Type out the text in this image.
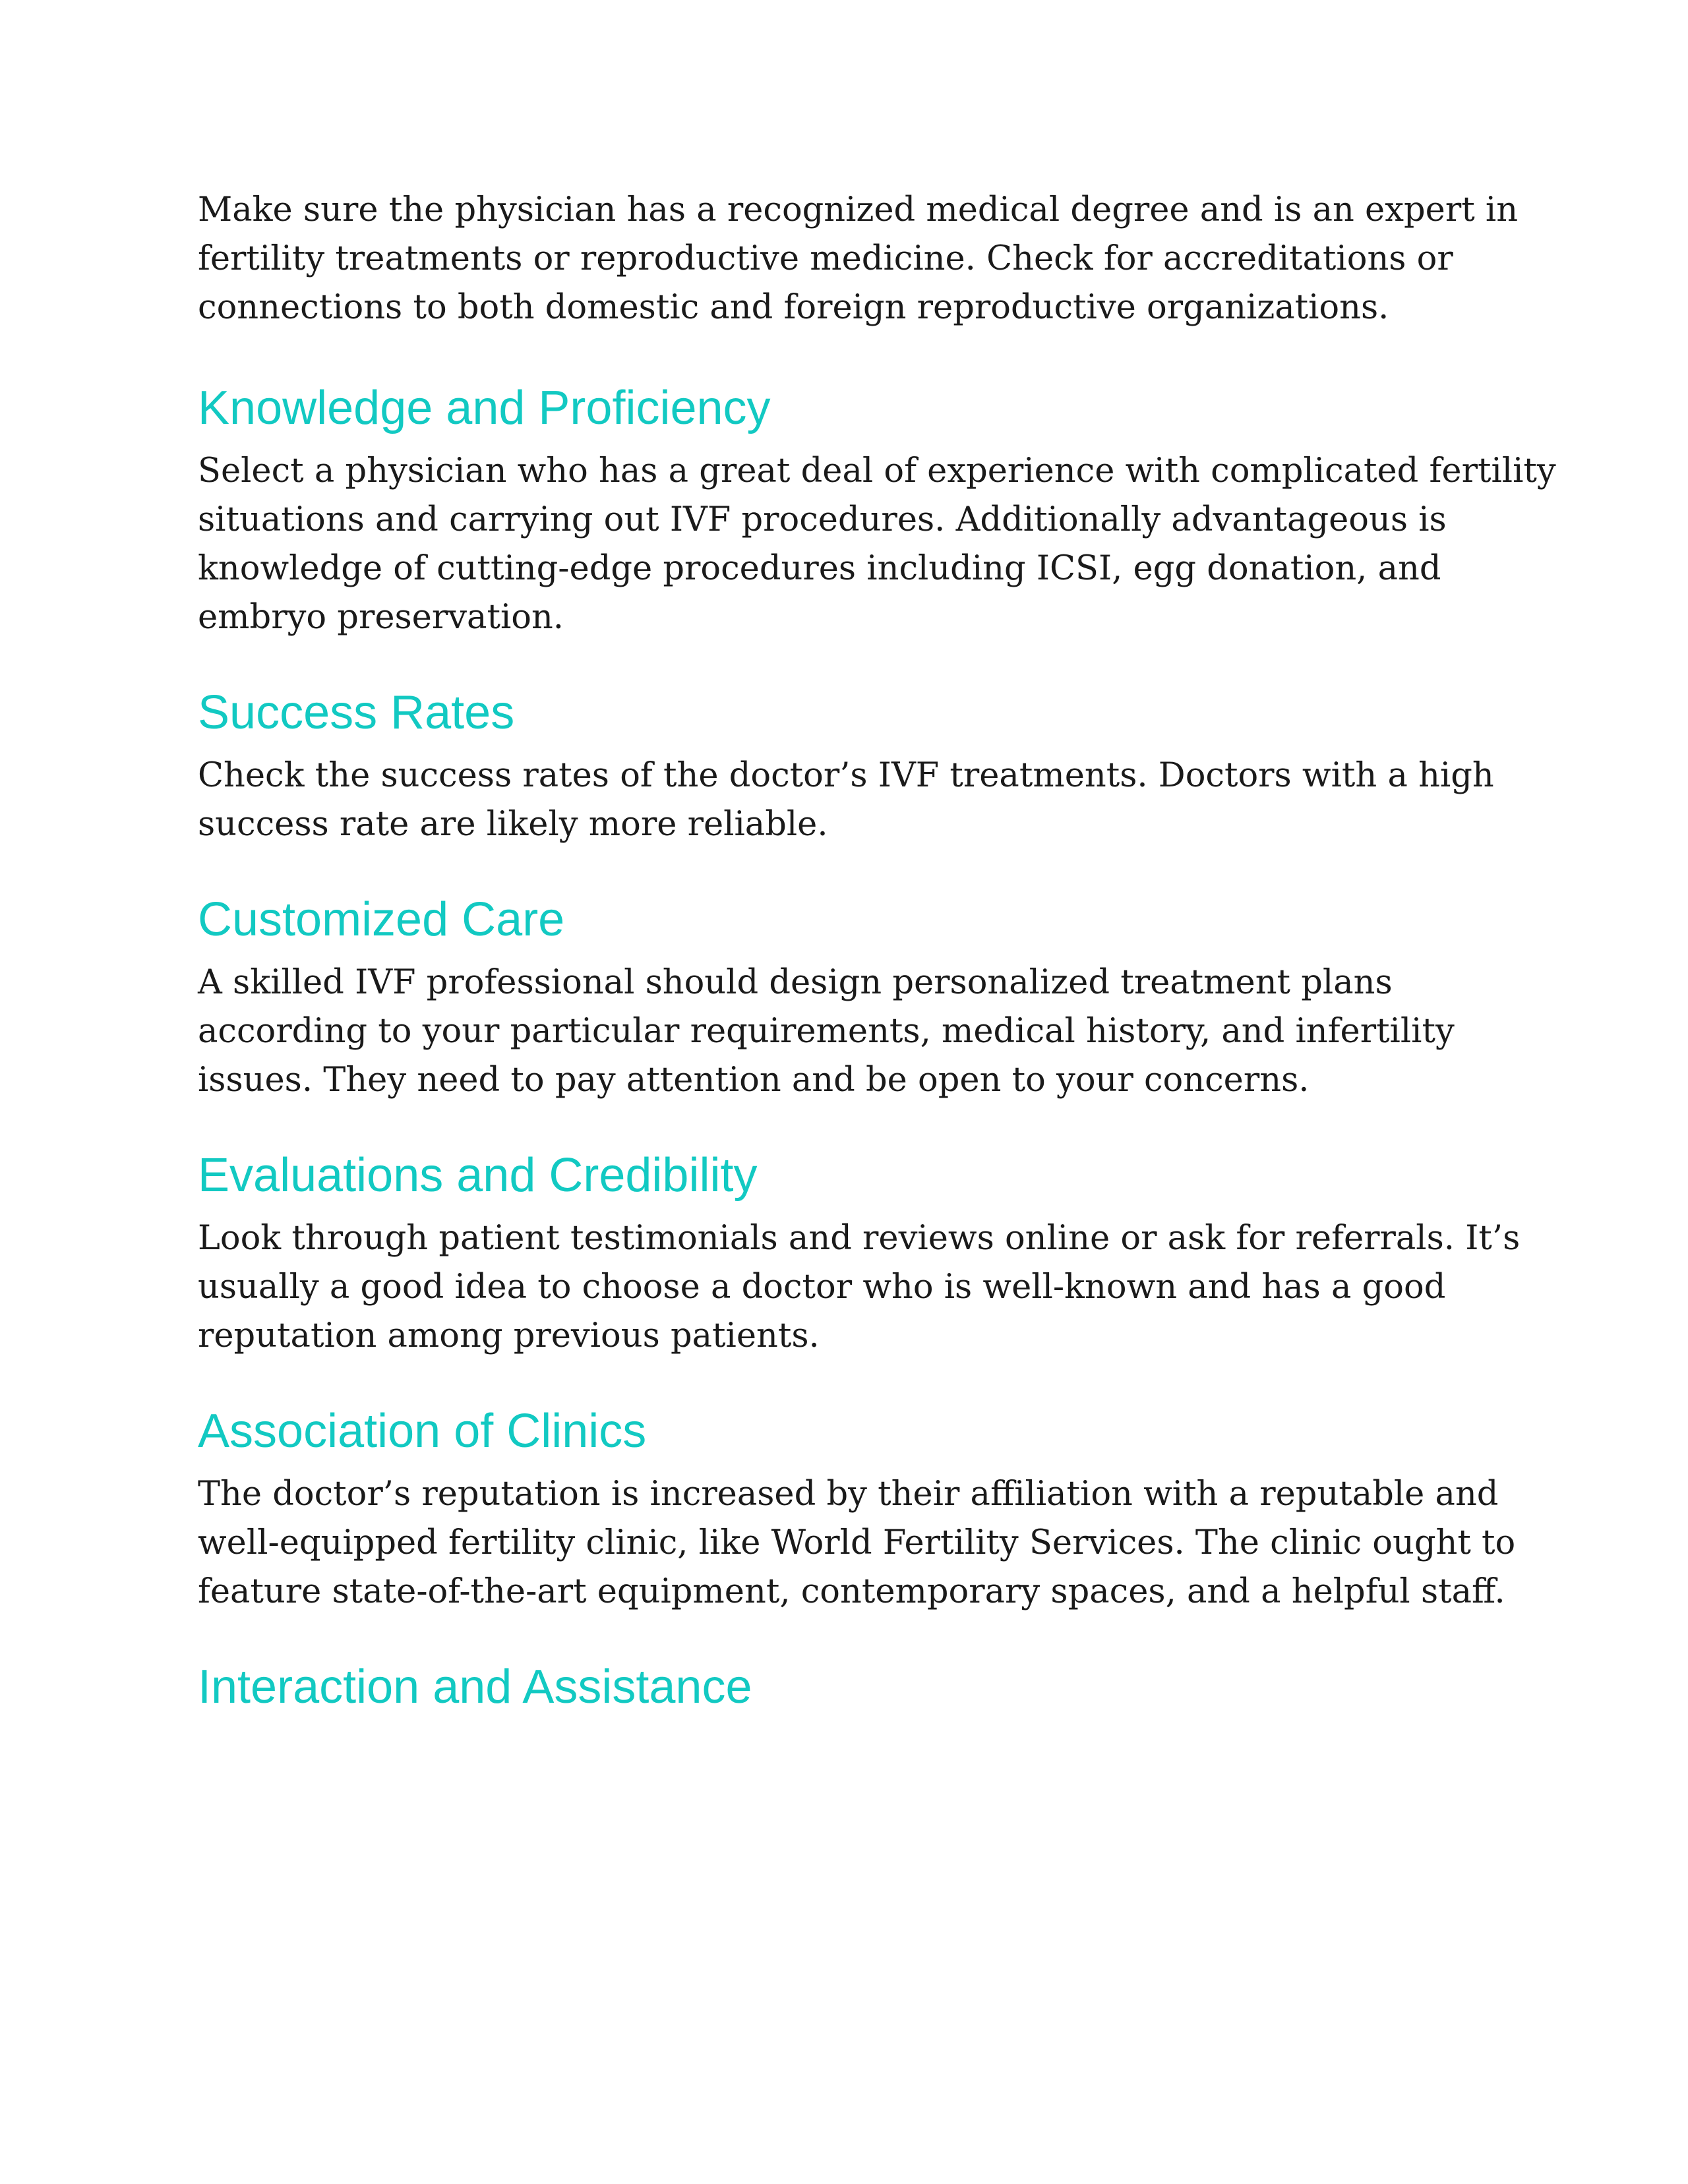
Make sure the physician has a recognized medical degree and is an expert in
fertility treatments or reproductive medicine. Check for accreditations or
connections to both domestic and foreign reproductive organizations.

Knowledge and Proficiency

Select a physician who has a great deal of experience with complicated fertility
situations and carrying out IVF procedures. Additionally advantageous is
knowledge of cutting-edge procedures including ICSI, egg donation, and
embryo preservation.

Success Rates

Check the success rates of the doctor’s IVF treatments. Doctors with a high
success rate are likely more reliable.

Customized Care

A skilled IVF professional should design personalized treatment plans
according to your particular requirements, medical history, and infertility
issues. They need to pay attention and be open to your concerns.

Evaluations and Credibility

Look through patient testimonials and reviews online or ask for referrals. It’s
usually a good idea to choose a doctor who is well-known and has a good
reputation among previous patients.

Association of Clinics

The doctor’s reputation is increased by their affiliation with a reputable and
well-equipped fertility clinic, like World Fertility Services. The clinic ought to
feature state-of-the-art equipment, contemporary spaces, and a helpful staff.

Interaction and Assistance
